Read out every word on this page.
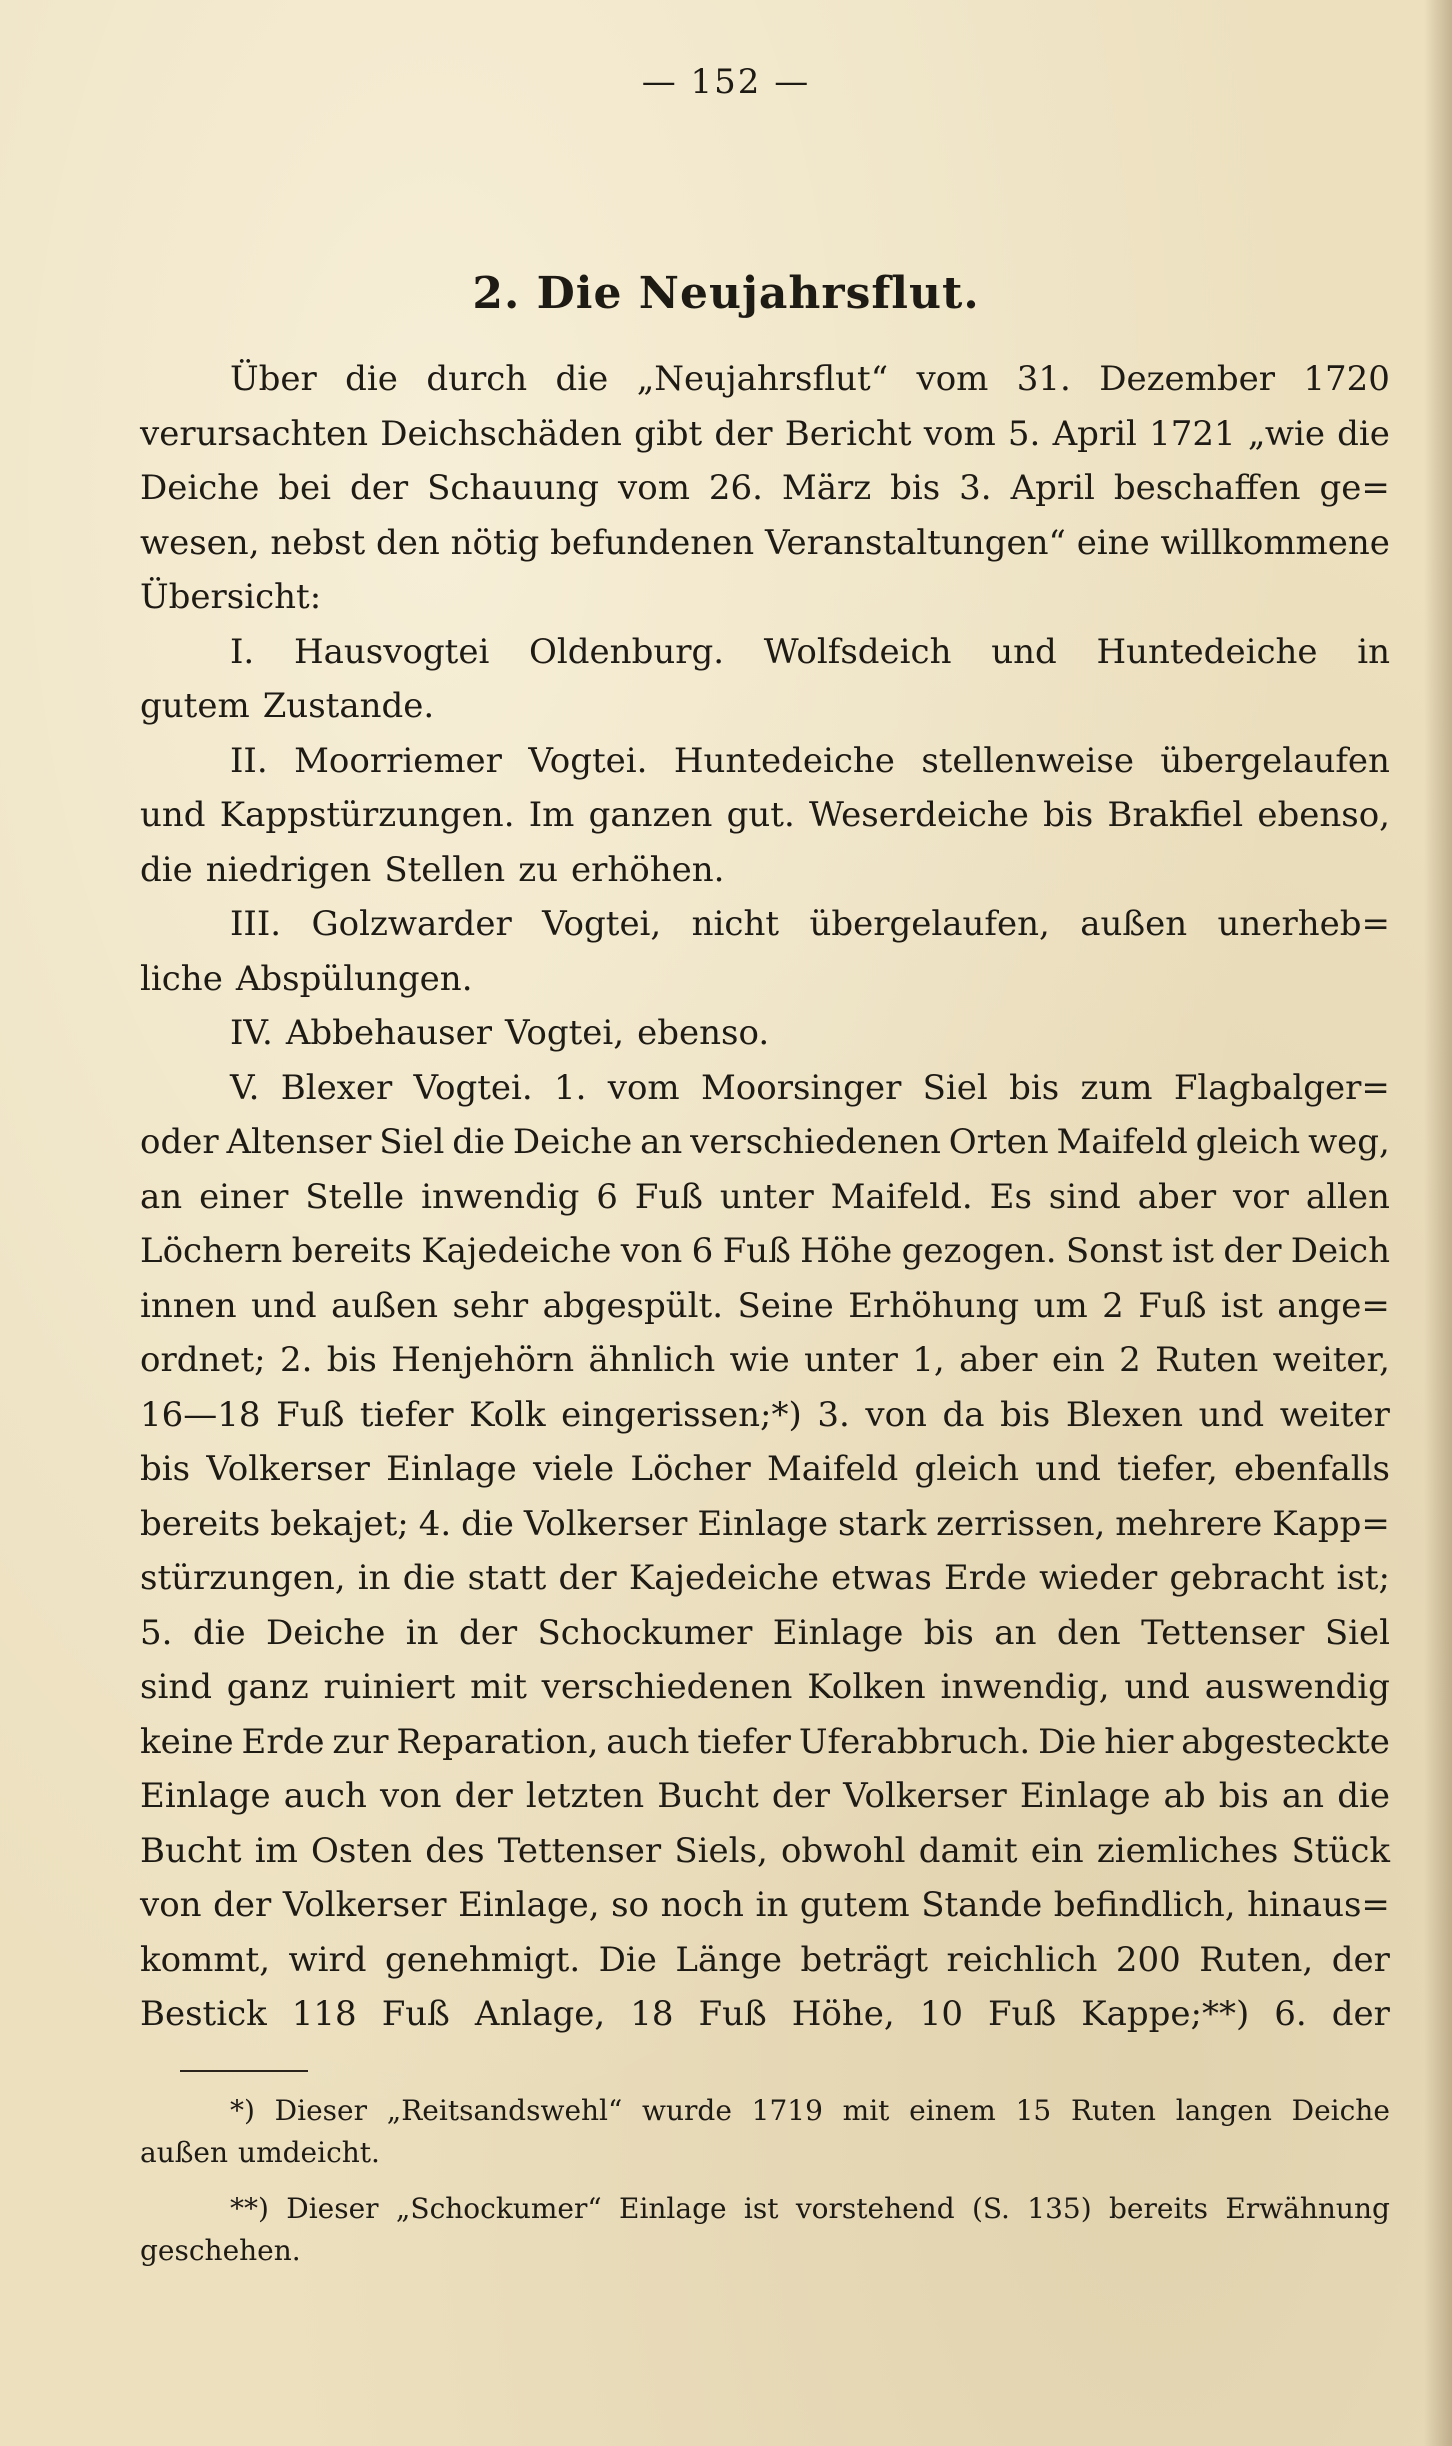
— 152 —
2. Die Neujahrsflut.
Über die durch die „Neujahrsflut“ vom 31. Dezember 1720
verursachten Deichschäden gibt der Bericht vom 5. April 1721 „wie die
Deiche bei der Schauung vom 26. März bis 3. April beschaffen ge=
wesen, nebst den nötig befundenen Veranstaltungen“ eine willkommene
Übersicht:
I. Hausvogtei Oldenburg. Wolfsdeich und Huntedeiche in
gutem Zustande.
II. Moorriemer Vogtei. Huntedeiche stellenweise übergelaufen
und Kappstürzungen. Im ganzen gut. Weserdeiche bis Brakfiel ebenso,
die niedrigen Stellen zu erhöhen.
III. Golzwarder Vogtei, nicht übergelaufen, außen unerheb=
liche Abspülungen.
IV. Abbehauser Vogtei, ebenso.
V. Blexer Vogtei. 1. vom Moorsinger Siel bis zum Flagbalger=
oder Altenser Siel die Deiche an verschiedenen Orten Maifeld gleich weg,
an einer Stelle inwendig 6 Fuß unter Maifeld. Es sind aber vor allen
Löchern bereits Kajedeiche von 6 Fuß Höhe gezogen. Sonst ist der Deich
innen und außen sehr abgespült. Seine Erhöhung um 2 Fuß ist ange=
ordnet; 2. bis Henjehörn ähnlich wie unter 1, aber ein 2 Ruten weiter,
16—18 Fuß tiefer Kolk eingerissen;*) 3. von da bis Blexen und weiter
bis Volkerser Einlage viele Löcher Maifeld gleich und tiefer, ebenfalls
bereits bekajet; 4. die Volkerser Einlage stark zerrissen, mehrere Kapp=
stürzungen, in die statt der Kajedeiche etwas Erde wieder gebracht ist;
5. die Deiche in der Schockumer Einlage bis an den Tettenser Siel
sind ganz ruiniert mit verschiedenen Kolken inwendig, und auswendig
keine Erde zur Reparation, auch tiefer Uferabbruch. Die hier abgesteckte
Einlage auch von der letzten Bucht der Volkerser Einlage ab bis an die
Bucht im Osten des Tettenser Siels, obwohl damit ein ziemliches Stück
von der Volkerser Einlage, so noch in gutem Stande befindlich, hinaus=
kommt, wird genehmigt. Die Länge beträgt reichlich 200 Ruten, der
Bestick 118 Fuß Anlage, 18 Fuß Höhe, 10 Fuß Kappe;**) 6. der
*) Dieser „Reitsandswehl“ wurde 1719 mit einem 15 Ruten langen Deiche
außen umdeicht.
**) Dieser „Schockumer“ Einlage ist vorstehend (S. 135) bereits Erwähnung
geschehen.
